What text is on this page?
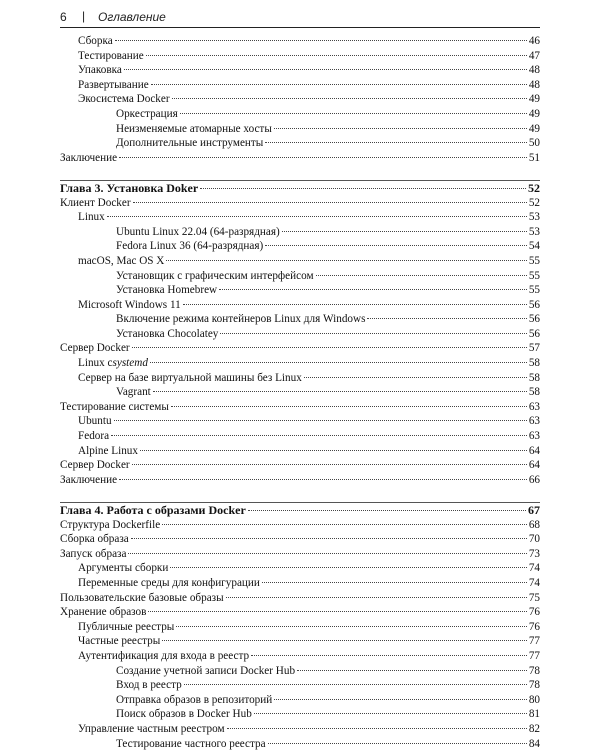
6 | Оглавление
Сборка	46
Тестирование	47
Упаковка	48
Развертывание	48
Экосистема Docker	49
Оркестрация	49
Неизменяемые атомарные хосты	49
Дополнительные инструменты	50
Заключение	51
Глава 3. Установка Doker	52
Клиент Docker	52
Linux	53
Ubuntu Linux 22.04 (64-разрядная)	53
Fedora Linux 36 (64-разрядная)	54
macOS, Mac OS X	55
Установщик с графическим интерфейсом	55
Установка Homebrew	55
Microsoft Windows 11	56
Включение режима контейнеров Linux для Windows	56
Установка Chocolatey	56
Сервер Docker	57
Linux с systemd	58
Сервер на базе виртуальной машины без Linux	58
Vagrant	58
Тестирование системы	63
Ubuntu	63
Fedora	63
Alpine Linux	64
Сервер Docker	64
Заключение	66
Глава 4. Работа с образами Docker	67
Структура Dockerfile	68
Сборка образа	70
Запуск образа	73
Аргументы сборки	74
Переменные среды для конфигурации	74
Пользовательские базовые образы	75
Хранение образов	76
Публичные реестры	76
Частные реестры	77
Аутентификация для входа в реестр	77
Создание учетной записи Docker Hub	78
Вход в реестр	78
Отправка образов в репозиторий	80
Поиск образов в Docker Hub	81
Управление частным реестром	82
Тестирование частного реестра	84
